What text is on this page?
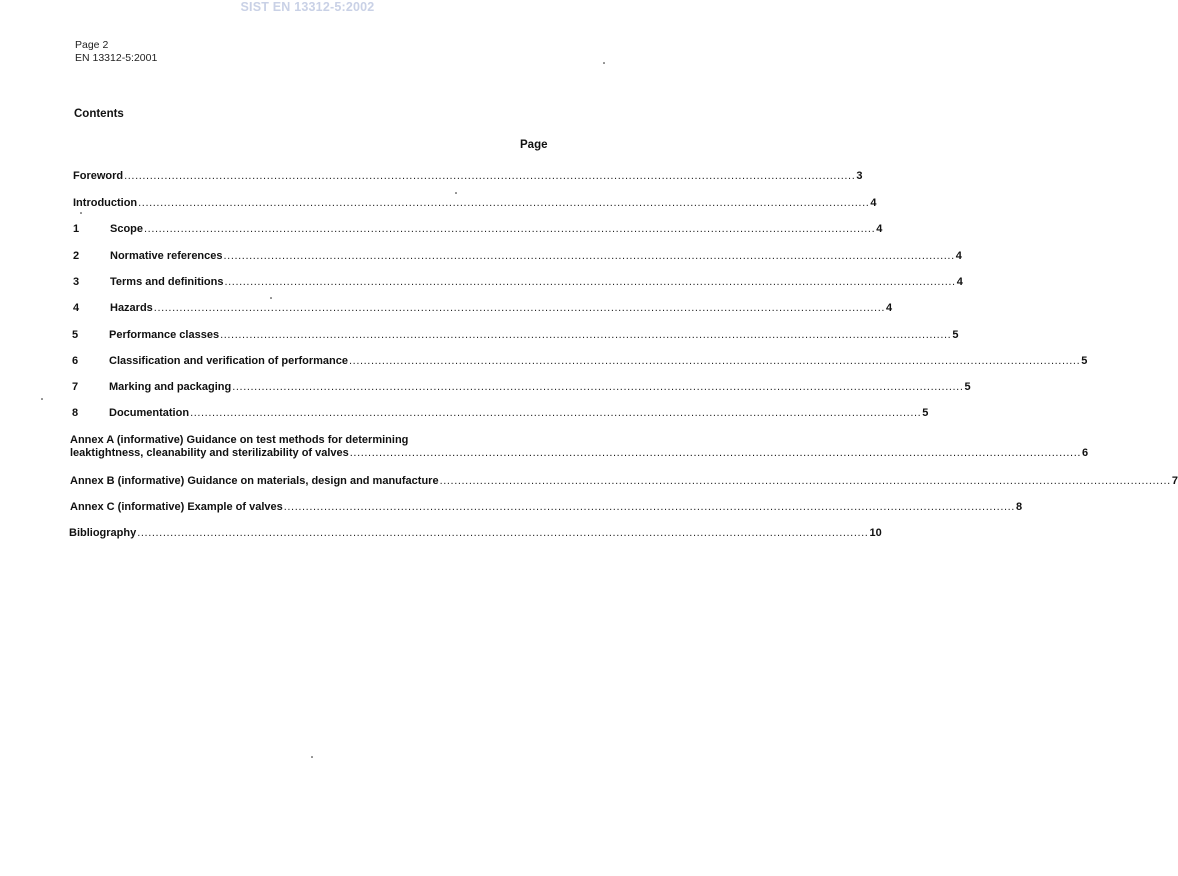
SIST EN 13312-5:2002
Page 2
EN 13312-5:2001
Contents
Page
Foreword ........................................................................................................................................................................................................ 3
Introduction ........................................................................................................................................................................................................ 4
1	Scope ........................................................................................................................................................................................................ 4
2	Normative references ........................................................................................................................................................................................................ 4
3	Terms and definitions ........................................................................................................................................................................................................ 4
4	Hazards ........................................................................................................................................................................................................ 4
5	Performance classes ........................................................................................................................................................................................................ 5
6	Classification and verification of performance ........................................................................................................................................................................................................ 5
7	Marking and packaging ........................................................................................................................................................................................................ 5
8	Documentation ........................................................................................................................................................................................................ 5
Annex A (informative) Guidance on test methods for determining
leaktightness, cleanability and sterilizability of valves ........................................................................................................................................................................................................ 6
Annex B (informative) Guidance on materials, design and manufacture ........................................................................................................................................................................................................ 7
Annex C (informative) Example of valves ........................................................................................................................................................................................................ 8
Bibliography ........................................................................................................................................................................................................ 10
